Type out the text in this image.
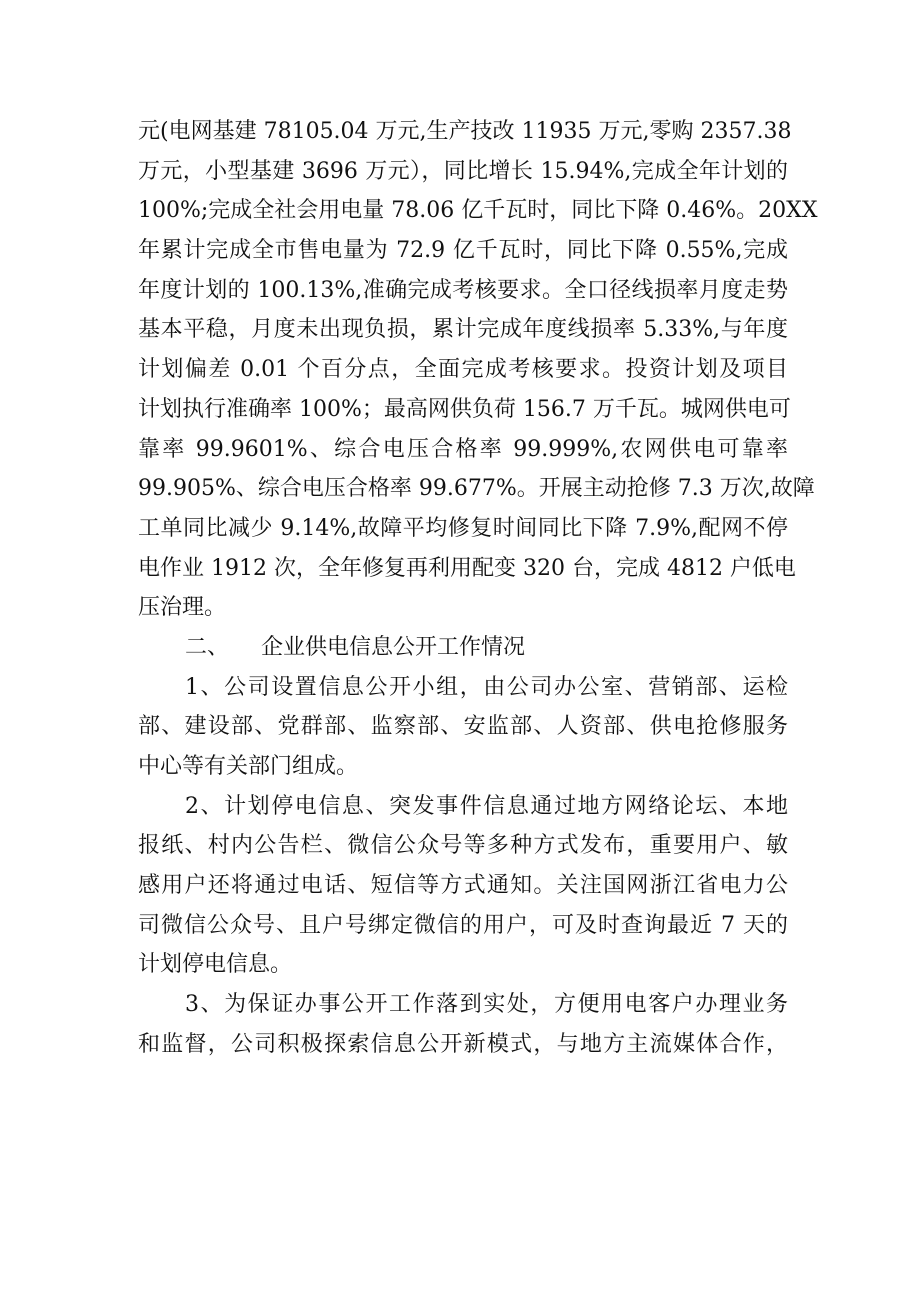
元(电网基建 78105.04 万元,生产技改 11935 万元,零购 2357.38
万元，小型基建 3696 万元），同比增长 15.94%,完成全年计划的
100%;完成全社会用电量 78.06 亿千瓦时，同比下降 0.46%。20XX
年累计完成全市售电量为 72.9 亿千瓦时，同比下降 0.55%,完成
年度计划的 100.13%,准确完成考核要求。全口径线损率月度走势
基本平稳，月度未出现负损，累计完成年度线损率 5.33%,与年度
计划偏差 0.01 个百分点，全面完成考核要求。投资计划及项目
计划执行准确率 100%；最高网供负荷 156.7 万千瓦。城网供电可
靠率 99.9601%、综合电压合格率 99.999%,农网供电可靠率
99.905%、综合电压合格率 99.677%。开展主动抢修 7.3 万次,故障
工单同比减少 9.14%,故障平均修复时间同比下降 7.9%,配网不停
电作业 1912 次，全年修复再利用配变 320 台，完成 4812 户低电
压治理。
二、 企业供电信息公开工作情况
1、公司设置信息公开小组，由公司办公室、营销部、运检
部、建设部、党群部、监察部、安监部、人资部、供电抢修服务
中心等有关部门组成。
2、计划停电信息、突发事件信息通过地方网络论坛、本地
报纸、村内公告栏、微信公众号等多种方式发布，重要用户、敏
感用户还将通过电话、短信等方式通知。关注国网浙江省电力公
司微信公众号、且户号绑定微信的用户，可及时查询最近 7 天的
计划停电信息。
3、为保证办事公开工作落到实处，方便用电客户办理业务
和监督，公司积极探索信息公开新模式，与地方主流媒体合作，
